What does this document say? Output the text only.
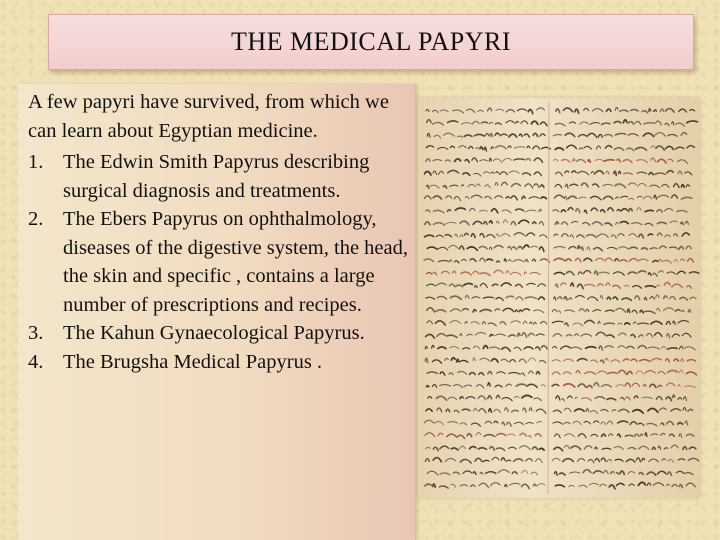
THE MEDICAL PAPYRI

A few papyri have survived, from which we can learn about Egyptian medicine.

1. The Edwin Smith Papyrus describing surgical diagnosis and treatments.
2. The Ebers Papyrus on ophthalmology, diseases of the digestive system, the head, the skin and specific , contains a large number of prescriptions and recipes.
3. The Kahun Gynaecological Papyrus.
4. The Brugsha Medical Papyrus .
